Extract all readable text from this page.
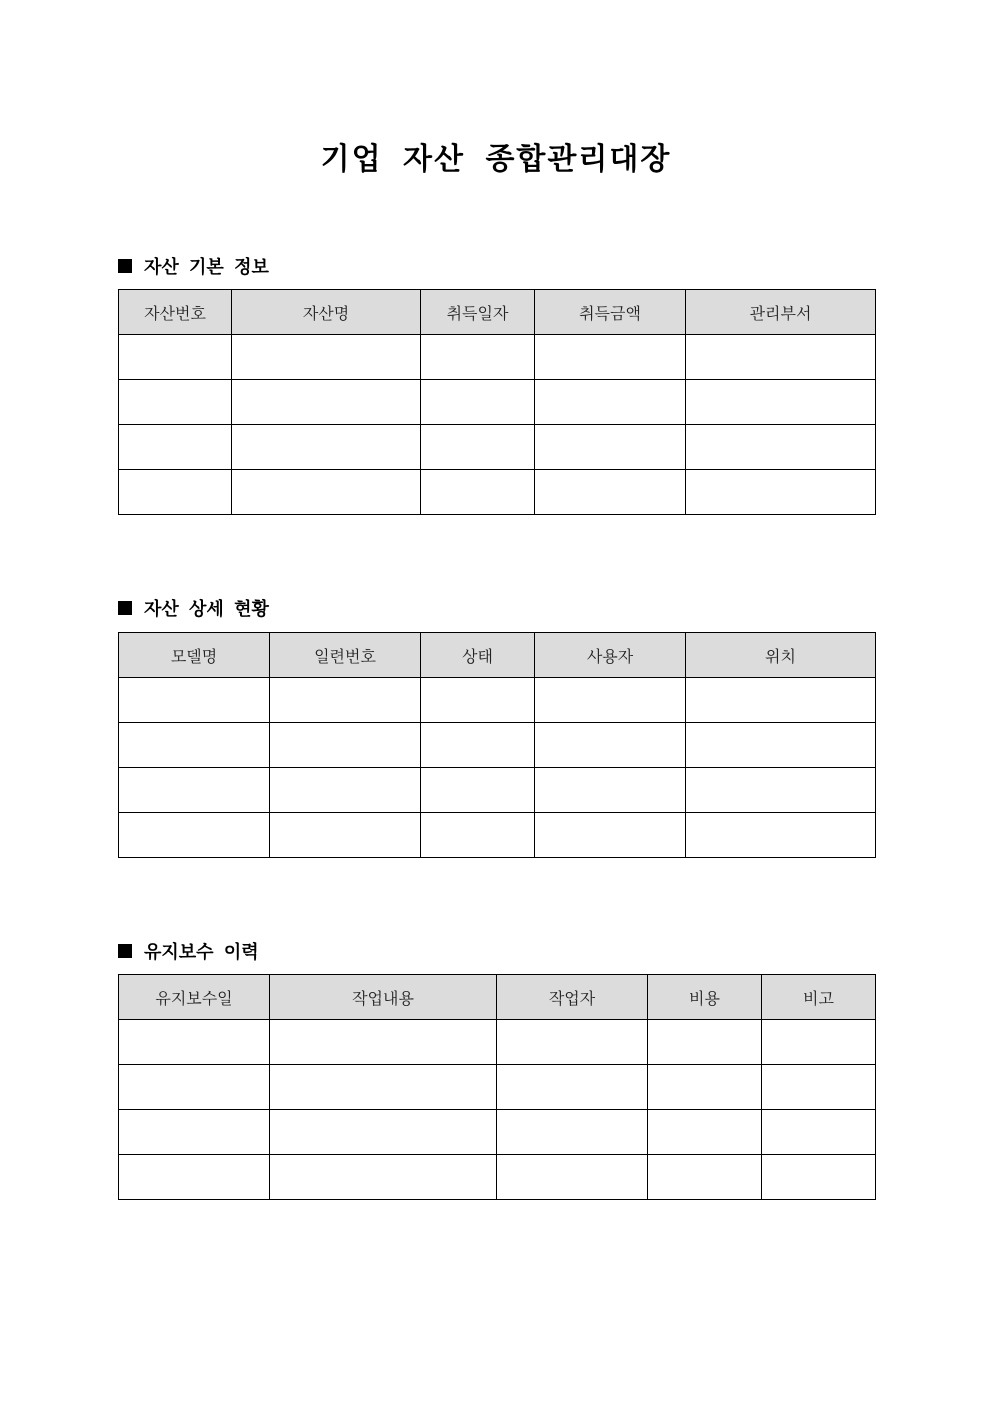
기업 자산 종합관리대장
자산 기본 정보
자산번호	자산명	취득일자	취득금액	관리부서

자산 상세 현황
모델명	일련번호	상태	사용자	위치

유지보수 이력
유지보수일	작업내용	작업자	비용	비고
